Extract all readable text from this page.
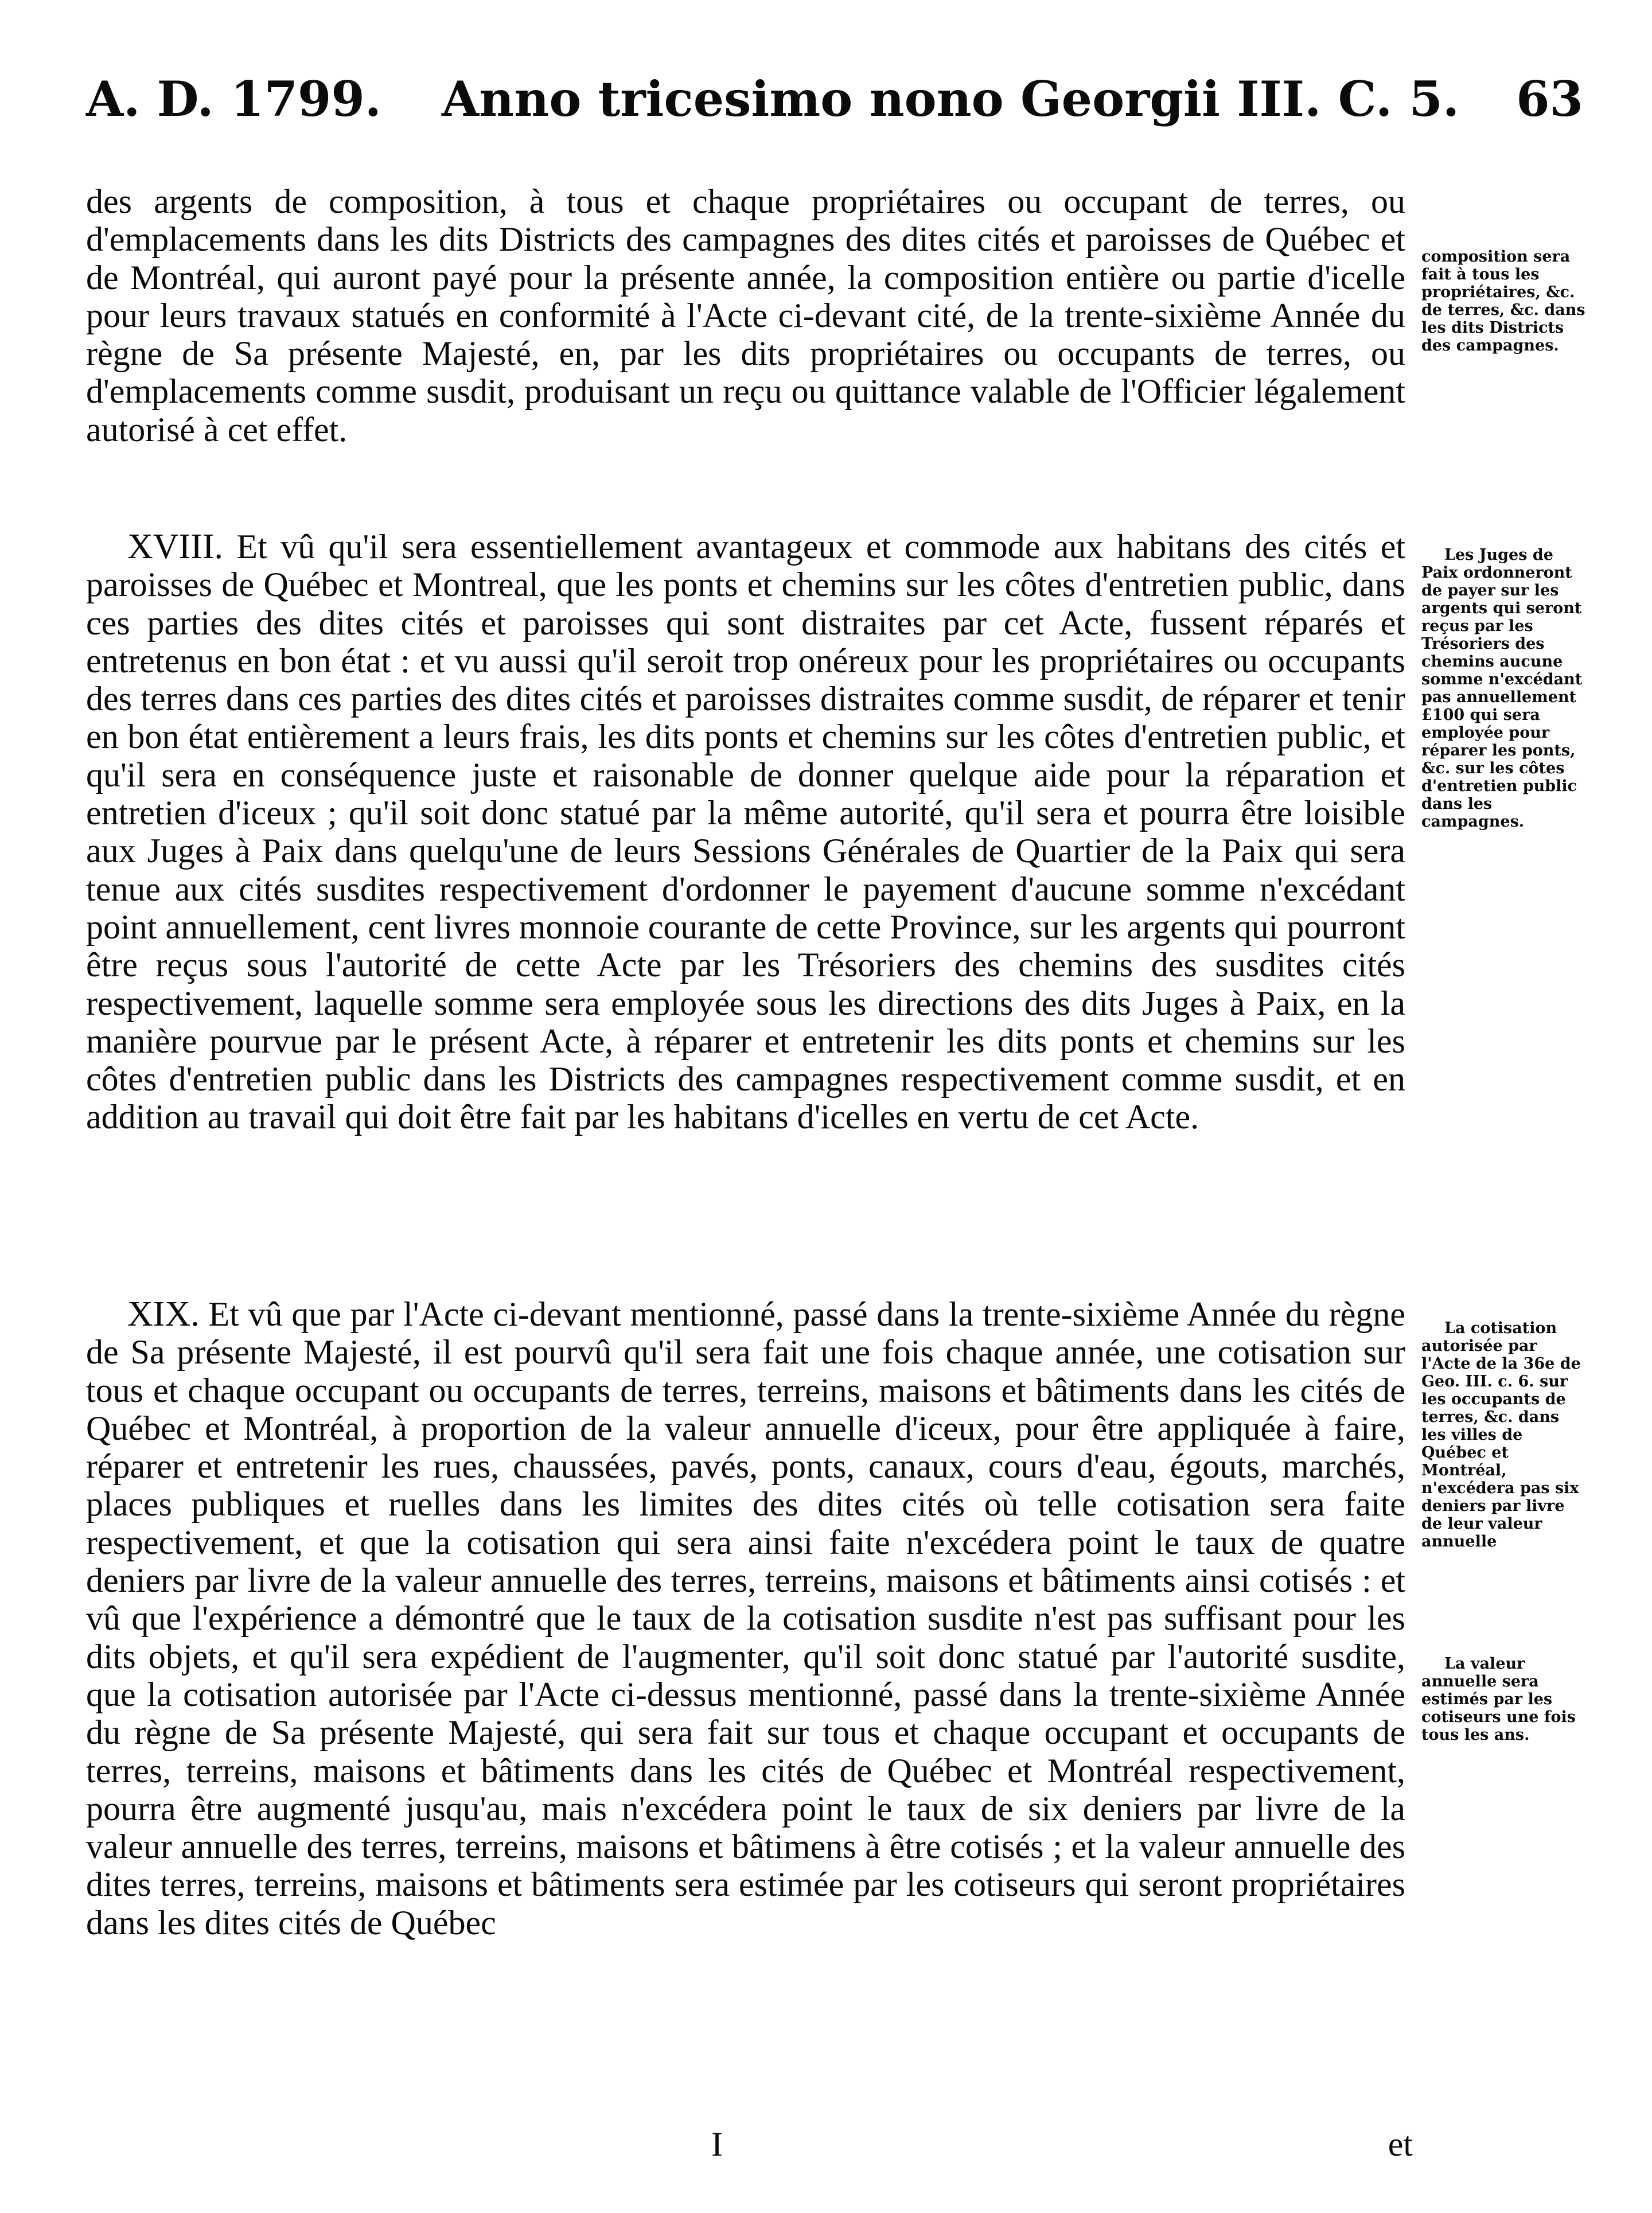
A. D. 1799. Anno tricesimo nono Georgii III. C. 5. 63

des argents de composition, à tous et chaque propriétaires ou occupant de terres, ou d'emplacements dans les dits Districts des campagnes des dites cités et paroisses de Québec et de Montréal, qui auront payé pour la présente année, la composition entière ou partie d'icelle pour leurs travaux statués en conformité à l'Acte ci-devant cité, de la trente-sixième Année du règne de Sa présente Majesté, en, par les dits propriétaires ou occupants de terres, ou d'emplacements comme susdit, produisant un reçu ou quittance valable de l'Officier légalement autorisé à cet effet.

XVIII. Et vû qu'il sera essentiellement avantageux et commode aux habitans des cités et paroisses de Québec et Montreal, que les ponts et chemins sur les côtes d'entretien public, dans ces parties des dites cités et paroisses qui sont distraites par cet Acte, fussent réparés et entretenus en bon état : et vu aussi qu'il seroit trop onéreux pour les propriétaires ou occupants des terres dans ces parties des dites cités et paroisses distraites comme susdit, de réparer et tenir en bon état entièrement a leurs frais, les dits ponts et chemins sur les côtes d'entretien public, et qu'il sera en conséquence juste et raisonable de donner quelque aide pour la réparation et entretien d'iceux ; qu'il soit donc statué par la même autorité, qu'il sera et pourra être loisible aux Juges à Paix dans quelqu'une de leurs Sessions Générales de Quartier de la Paix qui sera tenue aux cités susdites respectivement d'ordonner le payement d'aucune somme n'excédant point annuellement, cent livres monnoie courante de cette Province, sur les argents qui pourront être reçus sous l'autorité de cette Acte par les Trésoriers des chemins des susdites cités respectivement, laquelle somme sera employée sous les directions des dits Juges à Paix, en la manière pourvue par le présent Acte, à réparer et entretenir les dits ponts et chemins sur les côtes d'entretien public dans les Districts des campagnes respectivement comme susdit, et en addition au travail qui doit être fait par les habitans d'icelles en vertu de cet Acte.

XIX. Et vû que par l'Acte ci-devant mentionné, passé dans la trente-sixième Année du règne de Sa présente Majesté, il est pourvû qu'il sera fait une fois chaque année, une cotisation sur tous et chaque occupant ou occupants de terres, terreins, maisons et bâtiments dans les cités de Québec et Montréal, à proportion de la valeur annuelle d'iceux, pour être appliquée à faire, réparer et entretenir les rues, chaussées, pavés, ponts, canaux, cours d'eau, égouts, marchés, places publiques et ruelles dans les limites des dites cités où telle cotisation sera faite respectivement, et que la cotisation qui sera ainsi faite n'excédera point le taux de quatre deniers par livre de la valeur annuelle des terres, terreins, maisons et bâtiments ainsi cotisés : et vû que l'expérience a démontré que le taux de la cotisation susdite n'est pas suffisant pour les dits objets, et qu'il sera expédient de l'augmenter, qu'il soit donc statué par l'autorité susdite, que la cotisation autorisée par l'Acte ci-dessus mentionné, passé dans la trente-sixième Année du règne de Sa présente Majesté, qui sera fait sur tous et chaque occupant et occupants de terres, terreins, maisons et bâtiments dans les cités de Québec et Montréal respectivement, pourra être augmenté jusqu'au, mais n'excédera point le taux de six deniers par livre de la valeur annuelle des terres, terreins, maisons et bâtimens à être cotisés ; et la valeur annuelle des dites terres, terreins, maisons et bâtiments sera estimée par les cotiseurs qui seront propriétaires dans les dites cités de Québec

composition sera fait à tous les propriétaires, &c. de terres, &c. dans les dits Districts des campagnes.

Les Juges de Paix ordonneront de payer sur les argents qui seront reçus par les Trésoriers des chemins aucune somme n'excédant pas annuellement £100 qui sera employée pour réparer les ponts, &c. sur les côtes d'entretien public dans les campagnes.

La cotisation autorisée par l'Acte de la 36e de Geo. III. c. 6. sur les occupants de terres, &c. dans les villes de Québec et Montréal, n'excédera pas six deniers par livre de leur valeur annuelle

La valeur annuelle sera estimés par les cotiseurs une fois tous les ans.

I	et
